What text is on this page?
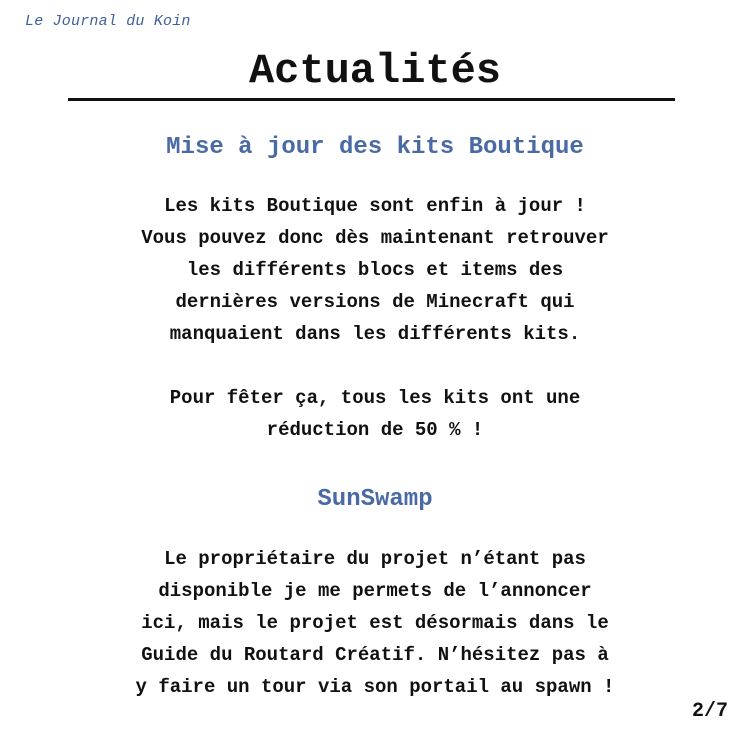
Le Journal du Koin
Actualités
Mise à jour des kits Boutique
Les kits Boutique sont enfin à jour !
Vous pouvez donc dès maintenant retrouver
les différents blocs et items des
dernières versions de Minecraft qui
manquaient dans les différents kits.
Pour fêter ça, tous les kits ont une
réduction de 50 % !
SunSwamp
Le propriétaire du projet n’étant pas
disponible je me permets de l’annoncer
ici, mais le projet est désormais dans le
Guide du Routard Créatif. N’hésitez pas à
y faire un tour via son portail au spawn !
2/7
